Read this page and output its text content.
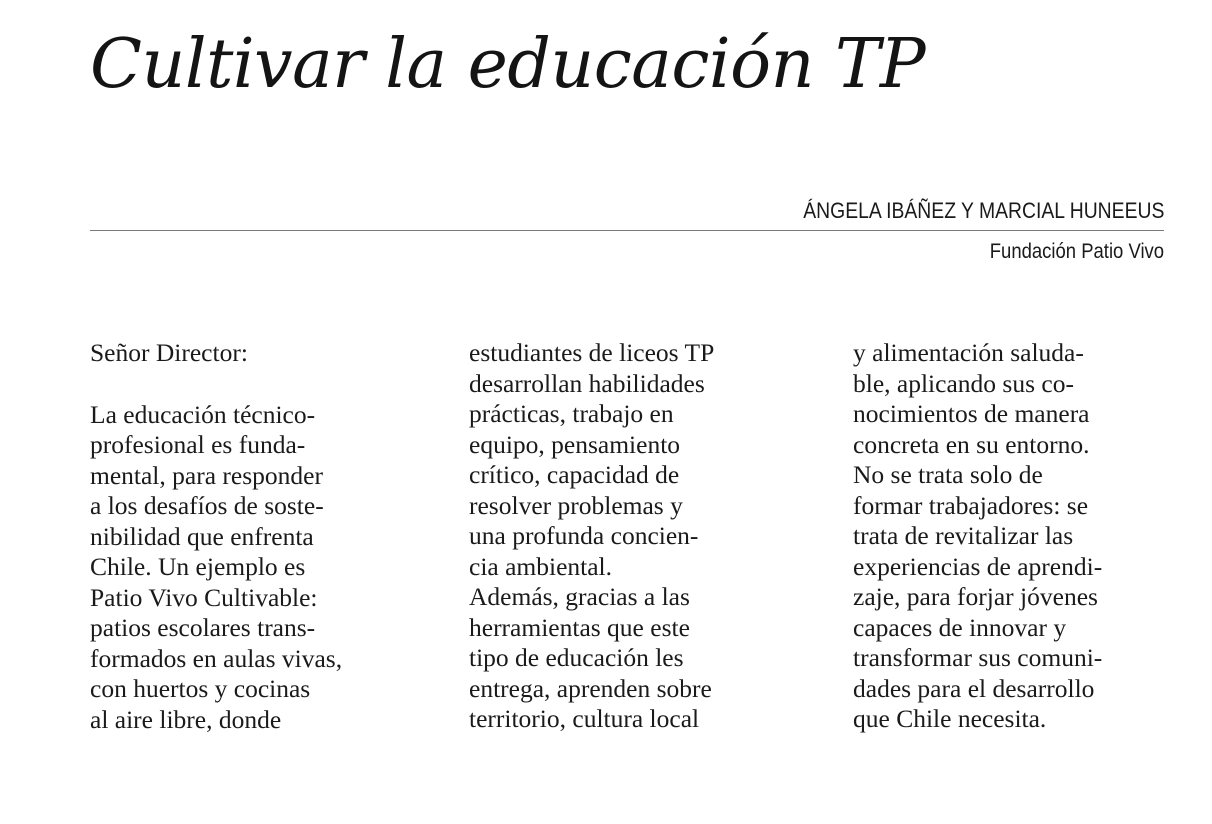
Cultivar la educación TP
ÁNGELA IBÁÑEZ Y MARCIAL HUNEEUS
Fundación Patio Vivo
Señor Director:
La educación técnico-
profesional es funda-
mental, para responder
a los desafíos de soste-
nibilidad que enfrenta
Chile. Un ejemplo es
Patio Vivo Cultivable:
patios escolares trans-
formados en aulas vivas,
con huertos y cocinas
al aire libre, donde
estudiantes de liceos TP
desarrollan habilidades
prácticas, trabajo en
equipo, pensamiento
crítico, capacidad de
resolver problemas y
una profunda concien-
cia ambiental.
Además, gracias a las
herramientas que este
tipo de educación les
entrega, aprenden sobre
territorio, cultura local
y alimentación saluda-
ble, aplicando sus co-
nocimientos de manera
concreta en su entorno.
No se trata solo de
formar trabajadores: se
trata de revitalizar las
experiencias de aprendi-
zaje, para forjar jóvenes
capaces de innovar y
transformar sus comuni-
dades para el desarrollo
que Chile necesita.
